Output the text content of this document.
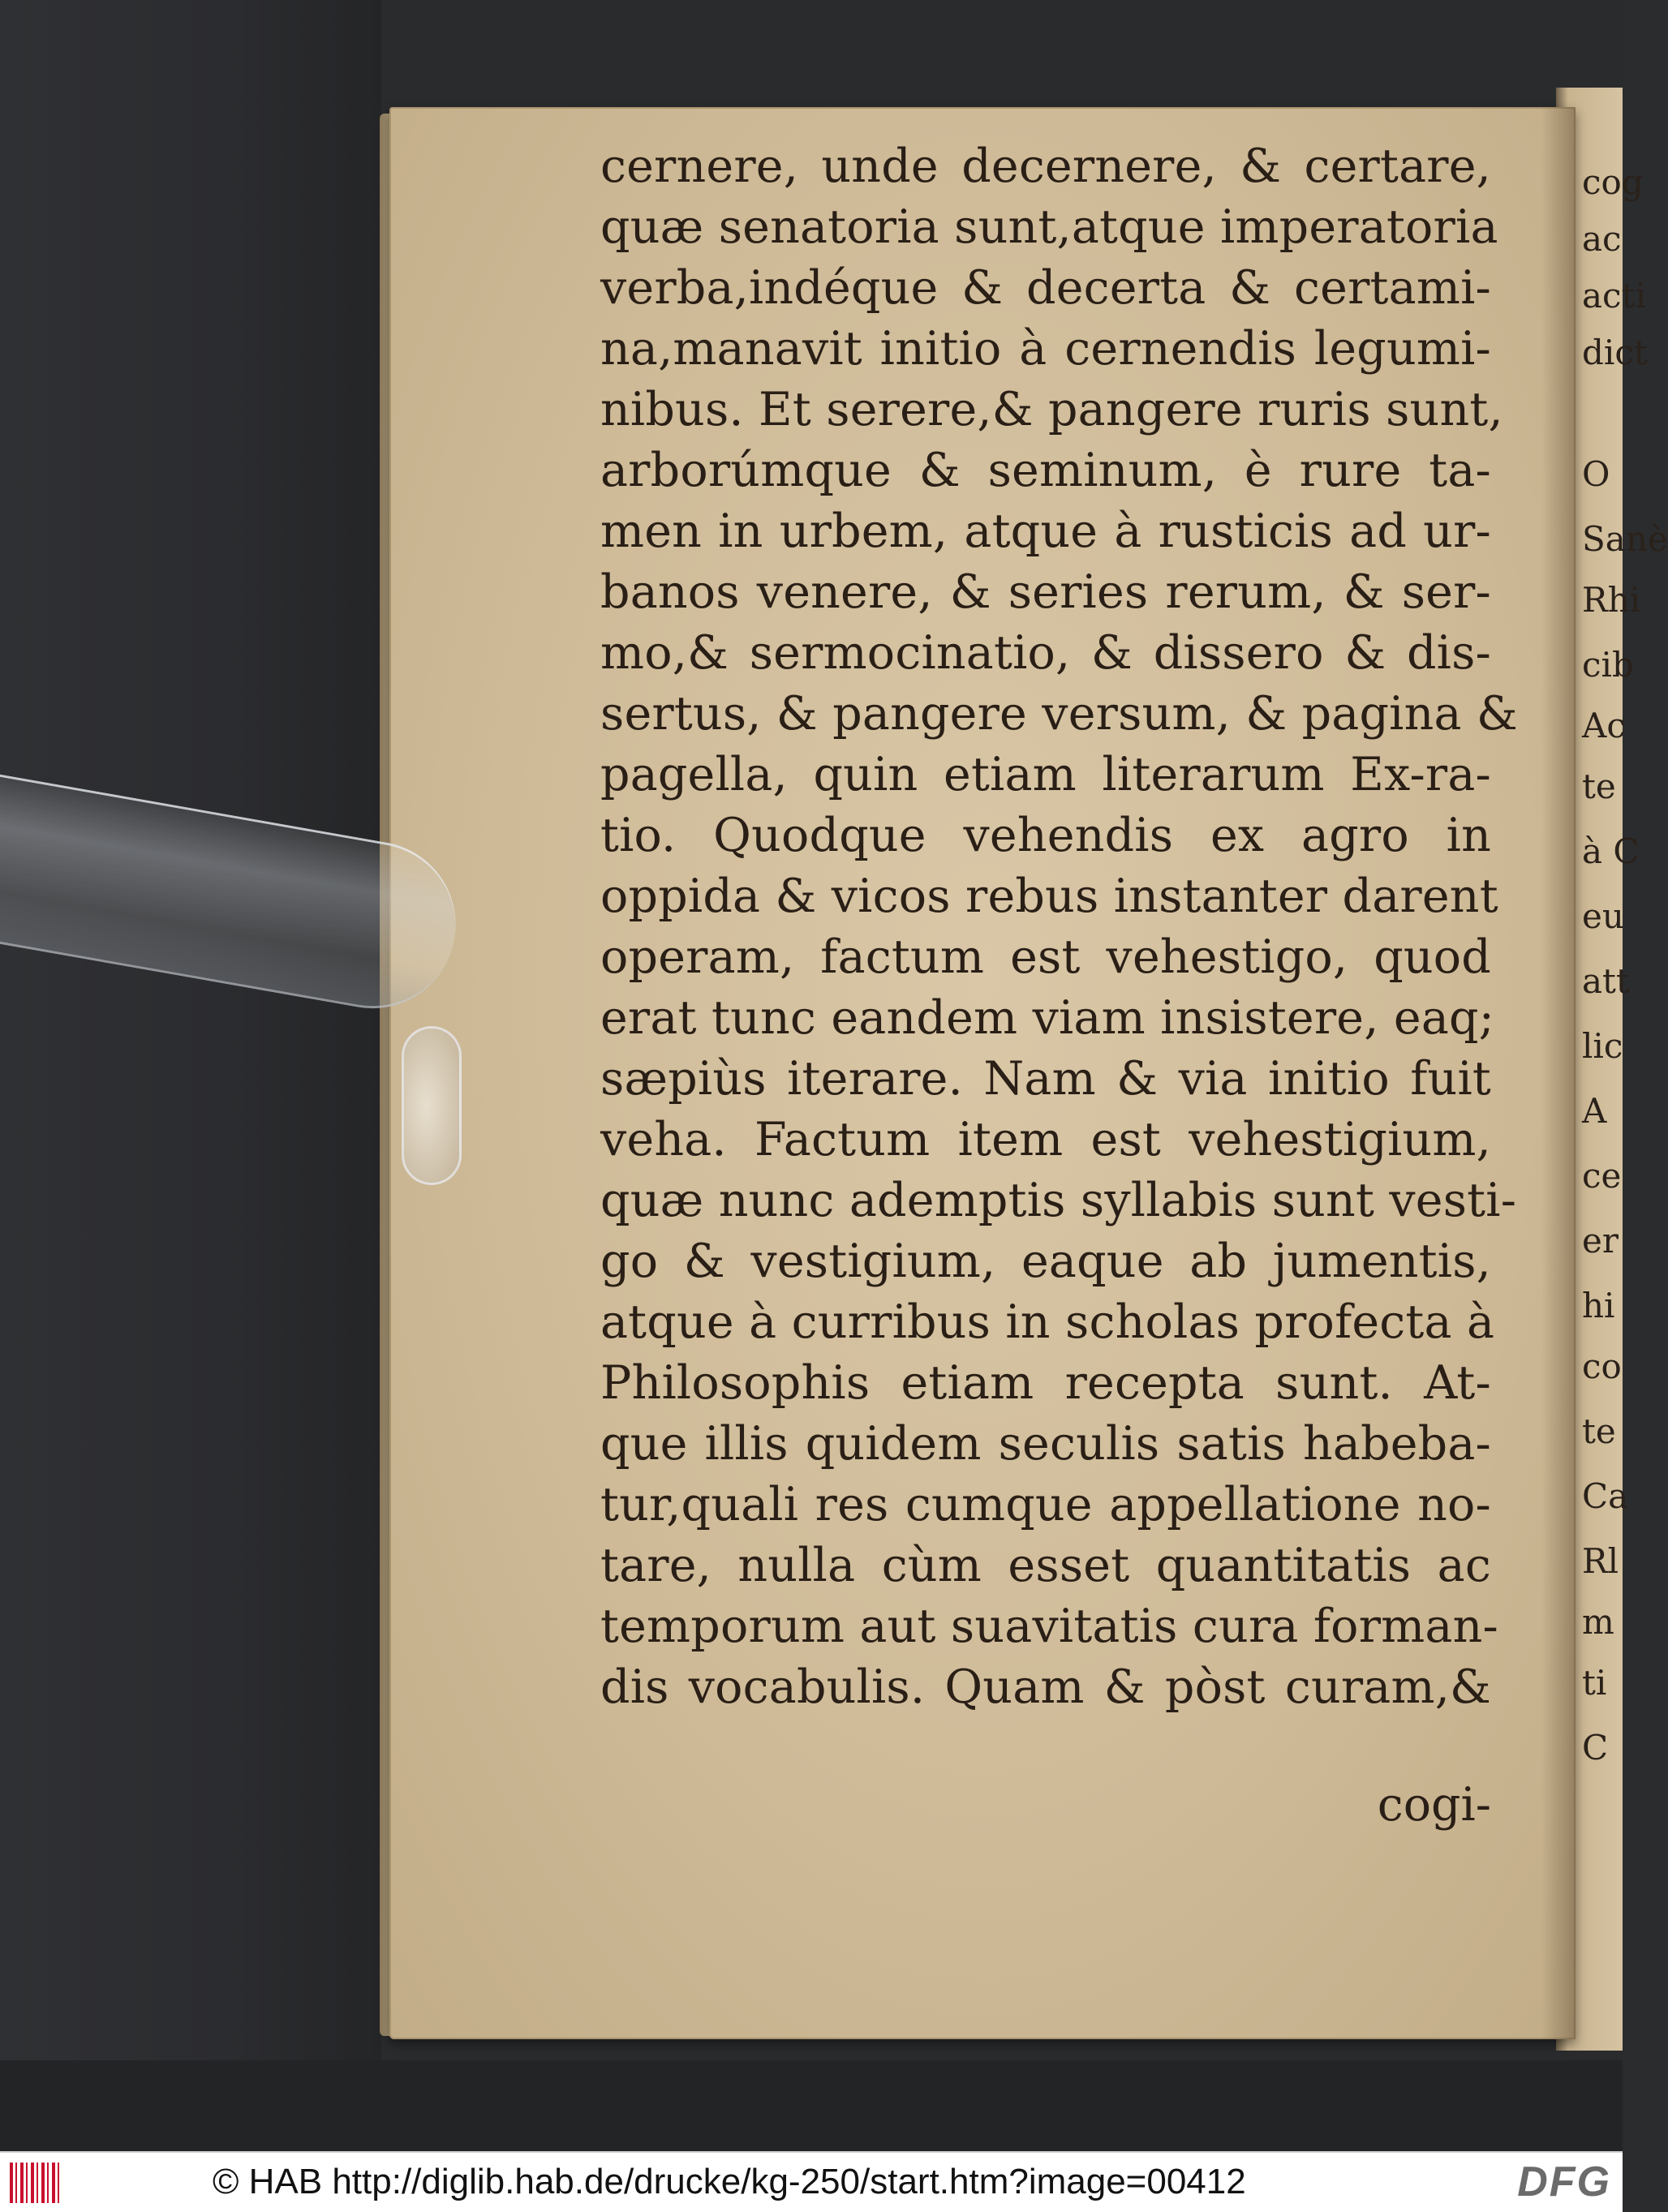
cog
ac
acti
dict
O
Sanè
Rhi
cib
Ac
te
à C
eu
att
lic
A
ce
er
hi
co
te
Ca
Rl
m
ti
C
cernere, unde decernere, & certare,
quæ senatoria sunt,atque imperatoria
verba,indéque & decerta & certami-
na,manavit initio à cernendis legumi-
nibus. Et serere,& pangere ruris sunt,
arborúmque & seminum, è rure ta-
men in urbem, atque à rusticis ad ur-
banos venere, & series rerum, & ser-
mo,& sermocinatio, & dissero & dis-
sertus, & pangere versum, & pagina &
pagella, quin etiam literarum Ex-ra-
tio. Quodque vehendis ex agro in
oppida & vicos rebus instanter darent
operam, factum est vehestigo, quod
erat tunc eandem viam insistere, eaq;
sæpiùs iterare. Nam & via initio fuit
veha. Factum item est vehestigium,
quæ nunc ademptis syllabis sunt vesti-
go & vestigium, eaque ab jumentis,
atque à curribus in scholas profecta à
Philosophis etiam recepta sunt. At-
que illis quidem seculis satis habeba-
tur,quali res cumque appellatione no-
tare, nulla cùm esset quantitatis ac
temporum aut suavitatis cura forman-
dis vocabulis. Quam & pòst curam,&
cogi-
© HAB http://diglib.hab.de/drucke/kg-250/start.htm?image=00412	DFG
